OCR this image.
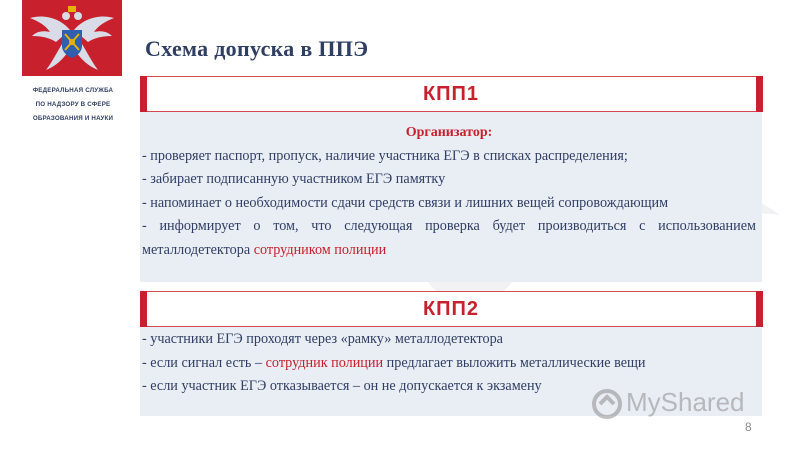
ФЕДЕРАЛЬНАЯ СЛУЖБА
ПО НАДЗОРУ В СФЕРЕ
ОБРАЗОВАНИЯ И НАУКИ
Схема допуска в ППЭ
КПП1
Организатор:
- проверяет паспорт, пропуск, наличие участника ЕГЭ в списках распределения;
- забирает подписанную участником ЕГЭ памятку
- напоминает о необходимости сдачи средств связи и лишних вещей сопровождающим
- информирует о том, что следующая проверка будет производиться с использованием металлодетектора сотрудником полиции
КПП2
- участники ЕГЭ проходят через «рамку» металлодетектора
- если сигнал есть – сотрудник полиции предлагает выложить металлические вещи
- если участник ЕГЭ отказывается – он не допускается к экзамену
MyShared
8
